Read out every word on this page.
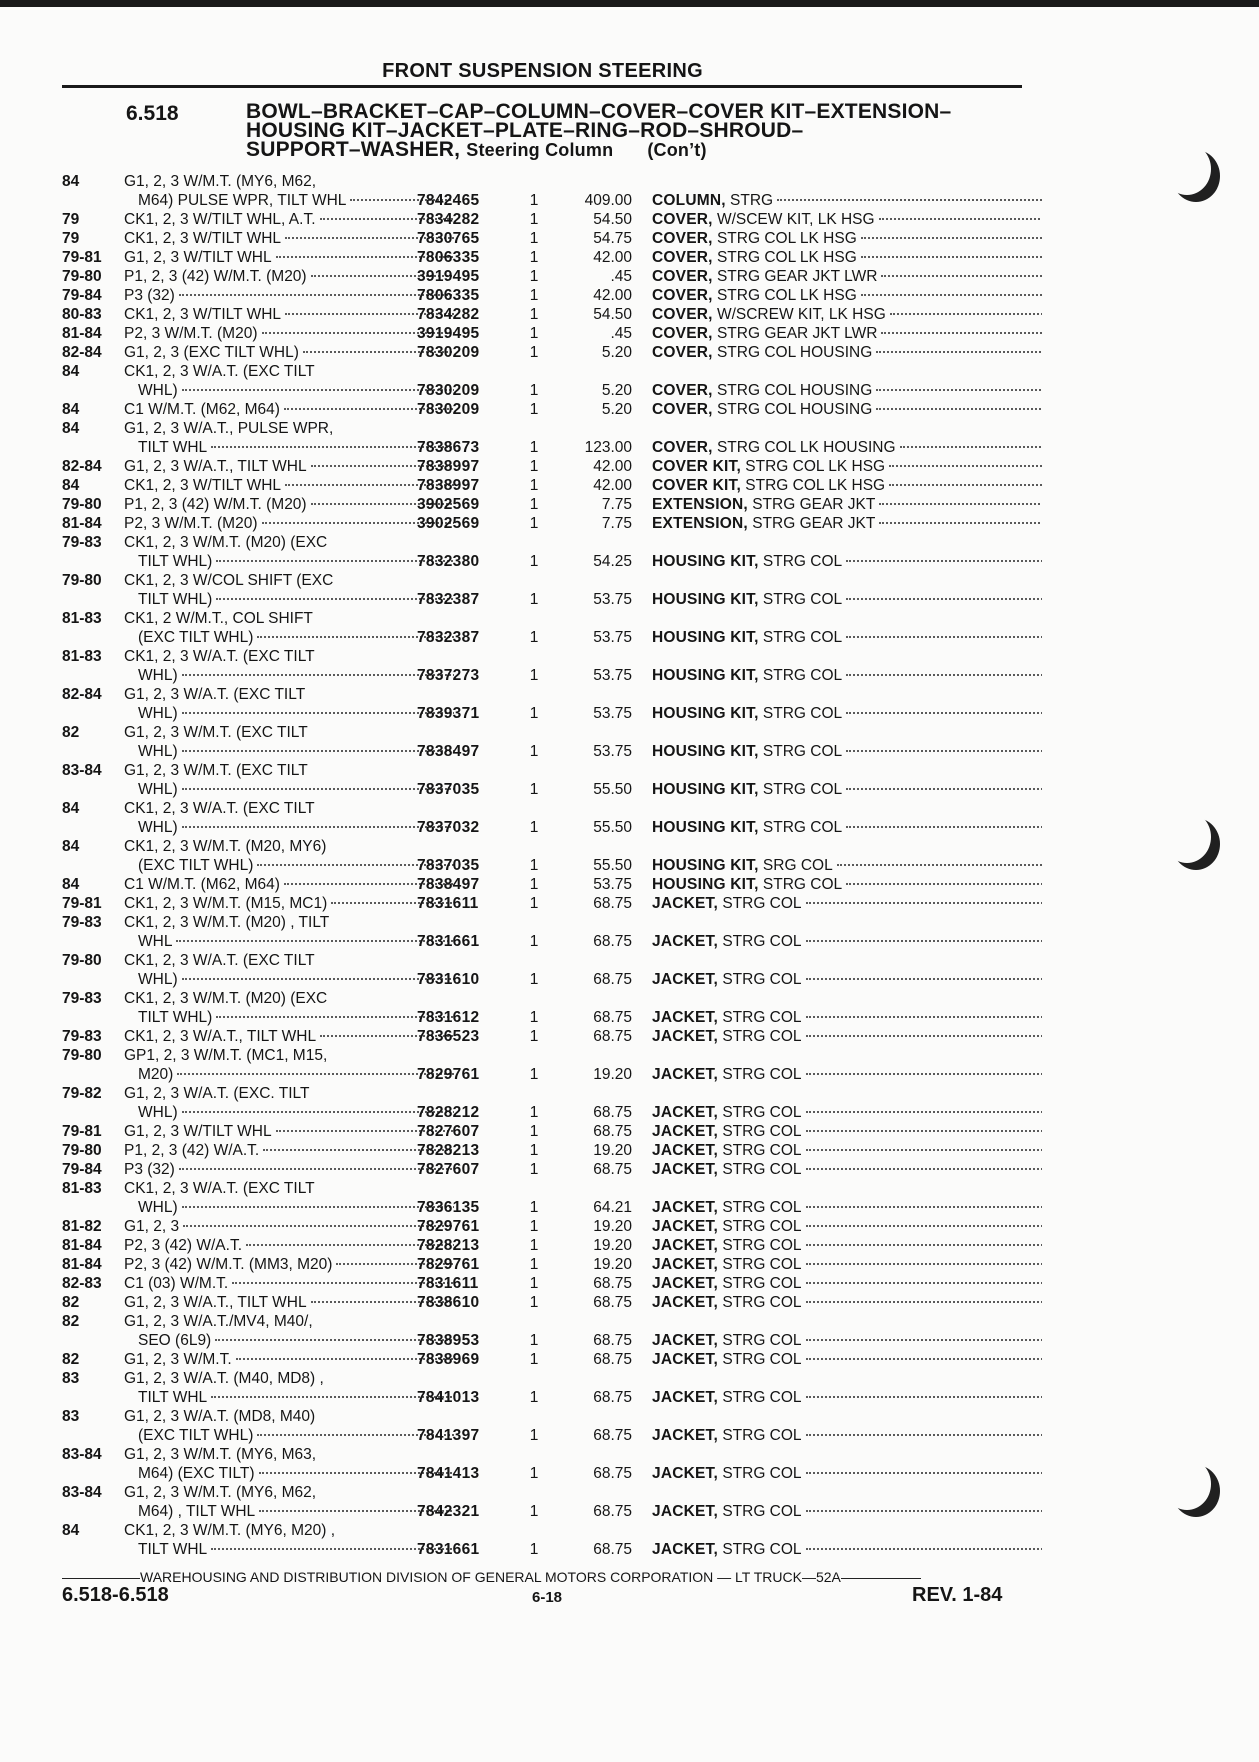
FRONT SUSPENSION STEERING
6.518	BOWL–BRACKET–CAP–COLUMN–COVER–COVER KIT–EXTENSION–
HOUSING KIT–JACKET–PLATE–RING–ROD–SHROUD–
SUPPORT–WASHER, Steering Column (Con’t)
84	G1, 2, 3 W/M.T. (MY6, M62,
M64) PULSE WPR, TILT WHL	7842465	1	409.00 COLUMN, STRG
79	CK1, 2, 3 W/TILT WHL, A.T.	7834282	1	54.50 COVER, W/SCEW KIT, LK HSG
79	CK1, 2, 3 W/TILT WHL	7830765	1	54.75 COVER, STRG COL LK HSG
79-81	G1, 2, 3 W/TILT WHL	7806335	1	42.00 COVER, STRG COL LK HSG
79-80	P1, 2, 3 (42) W/M.T. (M20)	3919495	1	.45 COVER, STRG GEAR JKT LWR
79-84	P3 (32)	7806335	1	42.00 COVER, STRG COL LK HSG
80-83	CK1, 2, 3 W/TILT WHL	7834282	1	54.50 COVER, W/SCREW KIT, LK HSG
81-84	P2, 3 W/M.T. (M20)	3919495	1	.45 COVER, STRG GEAR JKT LWR
82-84	G1, 2, 3 (EXC TILT WHL)	7830209	1	5.20 COVER, STRG COL HOUSING
84	CK1, 2, 3 W/A.T. (EXC TILT
WHL)	7830209	1	5.20 COVER, STRG COL HOUSING
84	C1 W/M.T. (M62, M64)	7830209	1	5.20 COVER, STRG COL HOUSING
84	G1, 2, 3 W/A.T., PULSE WPR,
TILT WHL	7838673	1	123.00 COVER, STRG COL LK HOUSING
82-84	G1, 2, 3 W/A.T., TILT WHL	7838997	1	42.00 COVER KIT, STRG COL LK HSG
84	CK1, 2, 3 W/TILT WHL	7838997	1	42.00 COVER KIT, STRG COL LK HSG
79-80	P1, 2, 3 (42) W/M.T. (M20)	3902569	1	7.75 EXTENSION, STRG GEAR JKT
81-84	P2, 3 W/M.T. (M20)	3902569	1	7.75 EXTENSION, STRG GEAR JKT
79-83	CK1, 2, 3 W/M.T. (M20) (EXC
TILT WHL)	7832380	1	54.25 HOUSING KIT, STRG COL
79-80	CK1, 2, 3 W/COL SHIFT (EXC
TILT WHL)	7832387	1	53.75 HOUSING KIT, STRG COL
81-83	CK1, 2 W/M.T., COL SHIFT
(EXC TILT WHL)	7832387	1	53.75 HOUSING KIT, STRG COL
81-83	CK1, 2, 3 W/A.T. (EXC TILT
WHL)	7837273	1	53.75 HOUSING KIT, STRG COL
82-84	G1, 2, 3 W/A.T. (EXC TILT
WHL)	7839371	1	53.75 HOUSING KIT, STRG COL
82	G1, 2, 3 W/M.T. (EXC TILT
WHL)	7838497	1	53.75 HOUSING KIT, STRG COL
83-84	G1, 2, 3 W/M.T. (EXC TILT
WHL)	7837035	1	55.50 HOUSING KIT, STRG COL
84	CK1, 2, 3 W/A.T. (EXC TILT
WHL)	7837032	1	55.50 HOUSING KIT, STRG COL
84	CK1, 2, 3 W/M.T. (M20, MY6)
(EXC TILT WHL)	7837035	1	55.50 HOUSING KIT, SRG COL
84	C1 W/M.T. (M62, M64)	7838497	1	53.75 HOUSING KIT, STRG COL
79-81	CK1, 2, 3 W/M.T. (M15, MC1)	7831611	1	68.75 JACKET, STRG COL
79-83	CK1, 2, 3 W/M.T. (M20) , TILT
WHL	7831661	1	68.75 JACKET, STRG COL
79-80	CK1, 2, 3 W/A.T. (EXC TILT
WHL)	7831610	1	68.75 JACKET, STRG COL
79-83	CK1, 2, 3 W/M.T. (M20) (EXC
TILT WHL)	7831612	1	68.75 JACKET, STRG COL
79-83	CK1, 2, 3 W/A.T., TILT WHL	7836523	1	68.75 JACKET, STRG COL
79-80	GP1, 2, 3 W/M.T. (MC1, M15,
M20)	7829761	1	19.20 JACKET, STRG COL
79-82	G1, 2, 3 W/A.T. (EXC. TILT
WHL)	7828212	1	68.75 JACKET, STRG COL
79-81	G1, 2, 3 W/TILT WHL	7827607	1	68.75 JACKET, STRG COL
79-80	P1, 2, 3 (42) W/A.T.	7828213	1	19.20 JACKET, STRG COL
79-84	P3 (32)	7827607	1	68.75 JACKET, STRG COL
81-83	CK1, 2, 3 W/A.T. (EXC TILT
WHL)	7836135	1	64.21 JACKET, STRG COL
81-82	G1, 2, 3	7829761	1	19.20 JACKET, STRG COL
81-84	P2, 3 (42) W/A.T.	7828213	1	19.20 JACKET, STRG COL
81-84	P2, 3 (42) W/M.T. (MM3, M20)	7829761	1	19.20 JACKET, STRG COL
82-83	C1 (03) W/M.T.	7831611	1	68.75 JACKET, STRG COL
82	G1, 2, 3 W/A.T., TILT WHL	7838610	1	68.75 JACKET, STRG COL
82	G1, 2, 3 W/A.T./MV4, M40/,
SEO (6L9)	7838953	1	68.75 JACKET, STRG COL
82	G1, 2, 3 W/M.T.	7838969	1	68.75 JACKET, STRG COL
83	G1, 2, 3 W/A.T. (M40, MD8) ,
TILT WHL	7841013	1	68.75 JACKET, STRG COL
83	G1, 2, 3 W/A.T. (MD8, M40)
(EXC TILT WHL)	7841397	1	68.75 JACKET, STRG COL
83-84	G1, 2, 3 W/M.T. (MY6, M63,
M64) (EXC TILT)	7841413	1	68.75 JACKET, STRG COL
83-84	G1, 2, 3 W/M.T. (MY6, M62,
M64) , TILT WHL	7842321	1	68.75 JACKET, STRG COL
84	CK1, 2, 3 W/M.T. (MY6, M20) ,
TILT WHL	7831661	1	68.75 JACKET, STRG COL
WAREHOUSING AND DISTRIBUTION DIVISION OF GENERAL MOTORS CORPORATION — LT TRUCK—52A
6.518-6.518	6-18	REV. 1-84
